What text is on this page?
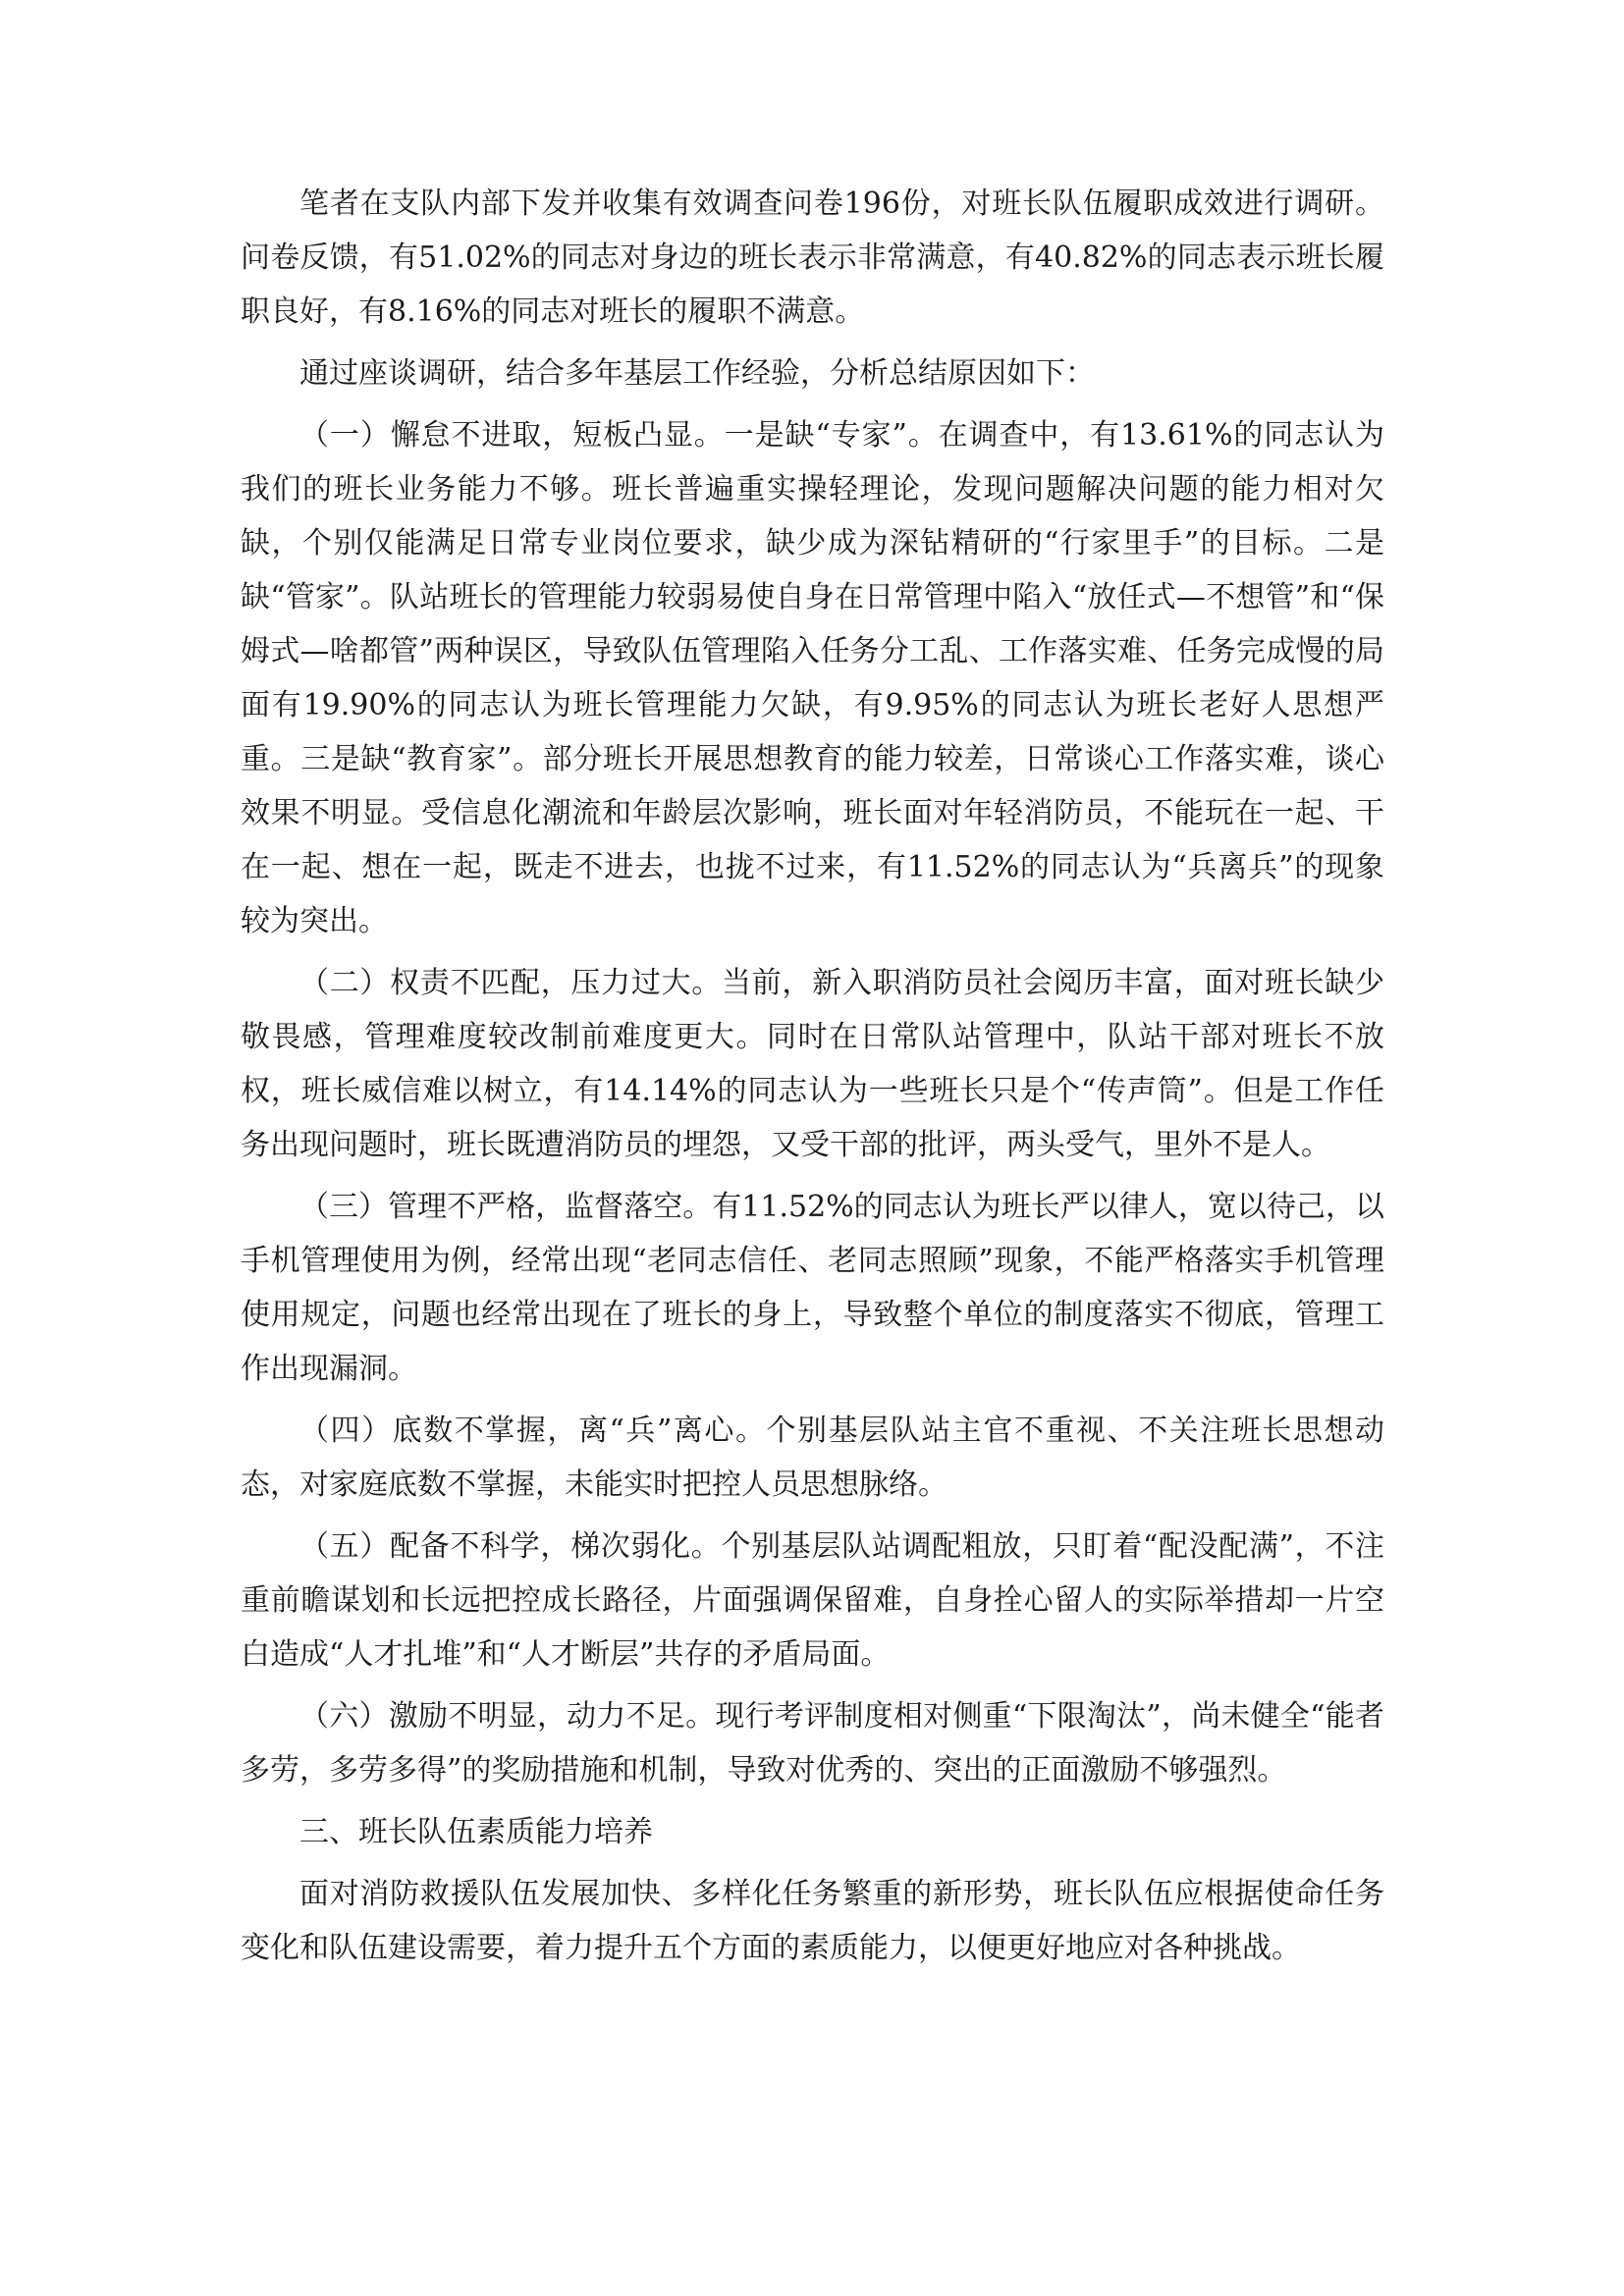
笔者在支队内部下发并收集有效调查问卷196份，对班长队伍履职成效进行调研。问卷反馈，有51.02%的同志对身边的班长表示非常满意，有40.82%的同志表示班长履职良好，有8.16%的同志对班长的履职不满意。

通过座谈调研，结合多年基层工作经验，分析总结原因如下：

（一）懈怠不进取，短板凸显。一是缺“专家”。在调查中，有13.61%的同志认为我们的班长业务能力不够。班长普遍重实操轻理论，发现问题解决问题的能力相对欠缺，个别仅能满足日常专业岗位要求，缺少成为深钻精研的“行家里手”的目标。二是缺“管家”。队站班长的管理能力较弱易使自身在日常管理中陷入“放任式—不想管”和“保姆式—啥都管”两种误区，导致队伍管理陷入任务分工乱、工作落实难、任务完成慢的局面有19.90%的同志认为班长管理能力欠缺，有9.95%的同志认为班长老好人思想严重。三是缺“教育家”。部分班长开展思想教育的能力较差，日常谈心工作落实难，谈心效果不明显。受信息化潮流和年龄层次影响，班长面对年轻消防员，不能玩在一起、干在一起、想在一起，既走不进去，也拢不过来，有11.52%的同志认为“兵离兵”的现象较为突出。

（二）权责不匹配，压力过大。当前，新入职消防员社会阅历丰富，面对班长缺少敬畏感，管理难度较改制前难度更大。同时在日常队站管理中，队站干部对班长不放权，班长威信难以树立，有14.14%的同志认为一些班长只是个“传声筒”。但是工作任务出现问题时，班长既遭消防员的埋怨，又受干部的批评，两头受气，里外不是人。

（三）管理不严格，监督落空。有11.52%的同志认为班长严以律人，宽以待己，以手机管理使用为例，经常出现“老同志信任、老同志照顾”现象，不能严格落实手机管理使用规定，问题也经常出现在了班长的身上，导致整个单位的制度落实不彻底，管理工作出现漏洞。

（四）底数不掌握，离“兵”离心。个别基层队站主官不重视、不关注班长思想动态，对家庭底数不掌握，未能实时把控人员思想脉络。

（五）配备不科学，梯次弱化。个别基层队站调配粗放，只盯着“配没配满”，不注重前瞻谋划和长远把控成长路径，片面强调保留难，自身拴心留人的实际举措却一片空白造成“人才扎堆”和“人才断层”共存的矛盾局面。

（六）激励不明显，动力不足。现行考评制度相对侧重“下限淘汰”，尚未健全“能者多劳，多劳多得”的奖励措施和机制，导致对优秀的、突出的正面激励不够强烈。

三、班长队伍素质能力培养

面对消防救援队伍发展加快、多样化任务繁重的新形势，班长队伍应根据使命任务变化和队伍建设需要，着力提升五个方面的素质能力，以便更好地应对各种挑战。
